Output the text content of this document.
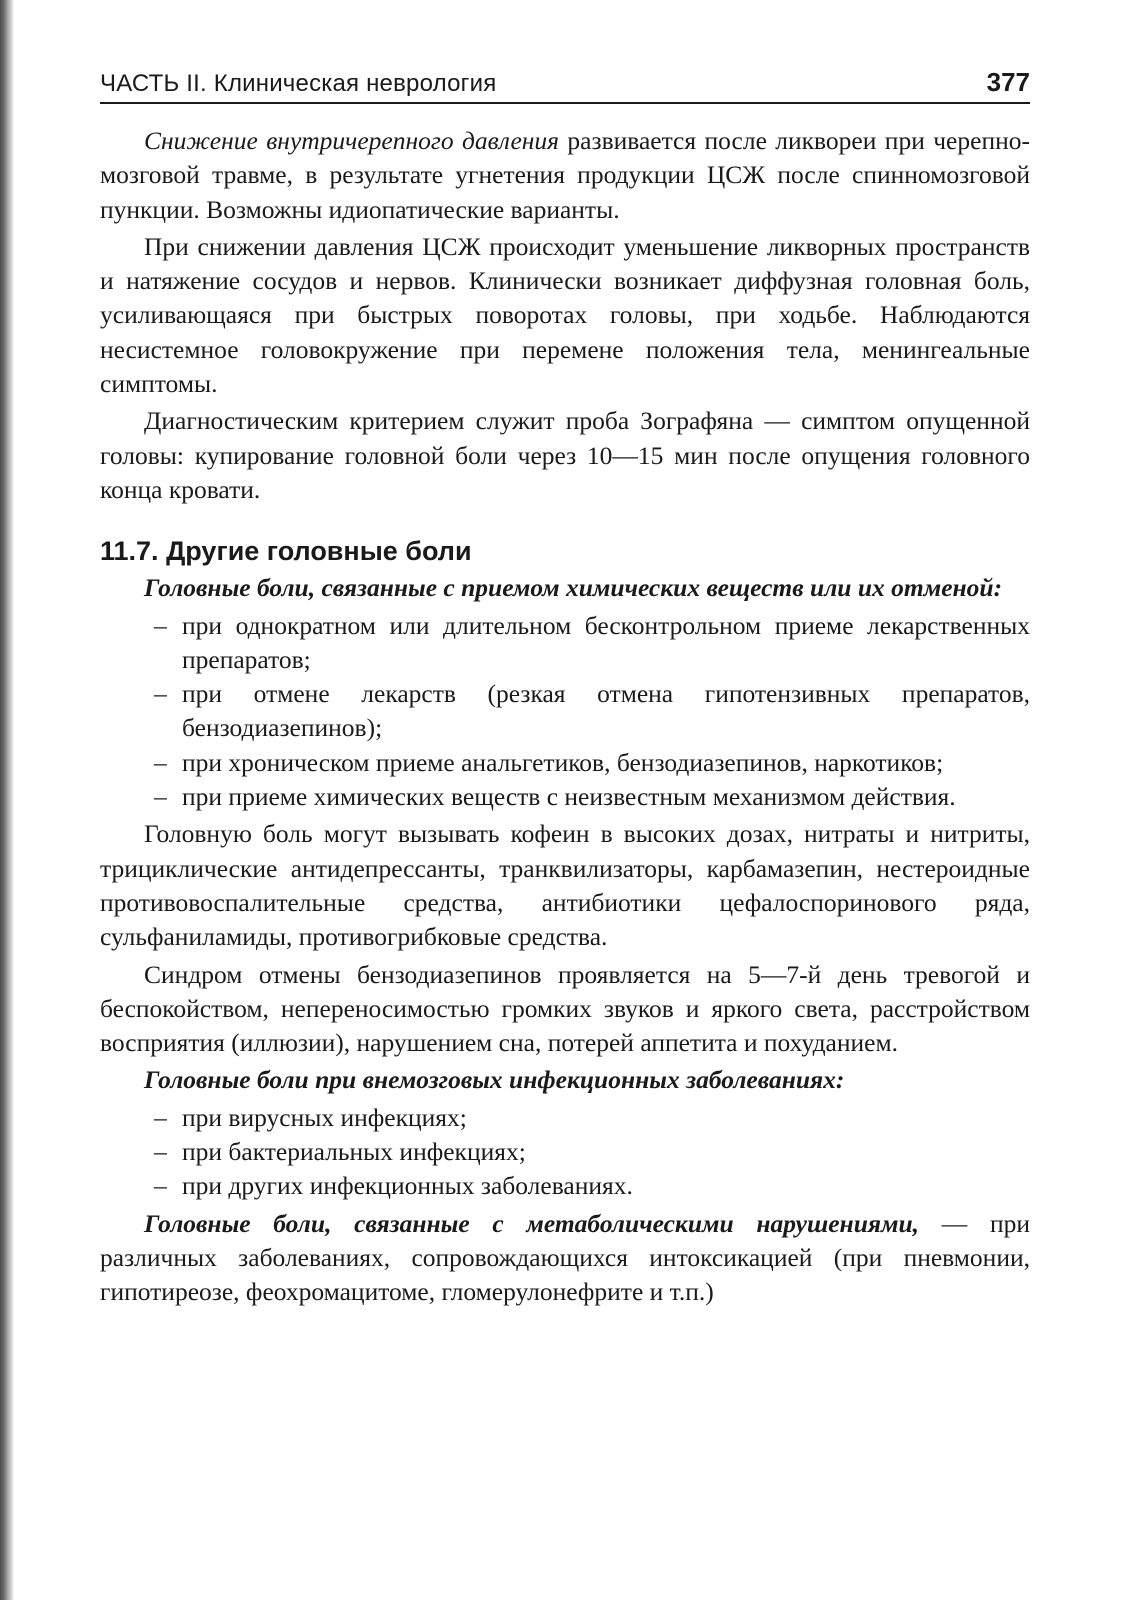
ЧАСТЬ II. Клиническая неврология	377

Снижение внутричерепного давления развивается после ликвореи при черепно-мозговой травме, в результате угнетения продукции ЦСЖ после спинномозговой пункции. Возможны идиопатические варианты.

При снижении давления ЦСЖ происходит уменьшение ликворных пространств и натяжение сосудов и нервов. Клинически возникает диффузная головная боль, усиливающаяся при быстрых поворотах головы, при ходьбе. Наблюдаются несистемное головокружение при перемене положения тела, менингеальные симптомы.

Диагностическим критерием служит проба Зографяна — симптом опущенной головы: купирование головной боли через 10—15 мин после опущения головного конца кровати.

11.7. Другие головные боли

Головные боли, связанные с приемом химических веществ или их отменой:

– при однократном или длительном бесконтрольном приеме лекарственных препаратов;
– при отмене лекарств (резкая отмена гипотензивных препаратов, бензодиазепинов);
– при хроническом приеме анальгетиков, бензодиазепинов, наркотиков;
– при приеме химических веществ с неизвестным механизмом действия.

Головную боль могут вызывать кофеин в высоких дозах, нитраты и нитриты, трициклические антидепрессанты, транквилизаторы, карбамазепин, нестероидные противовоспалительные средства, антибиотики цефалоспоринового ряда, сульфаниламиды, противогрибковые средства.

Синдром отмены бензодиазепинов проявляется на 5—7-й день тревогой и беспокойством, непереносимостью громких звуков и яркого света, расстройством восприятия (иллюзии), нарушением сна, потерей аппетита и похуданием.

Головные боли при внемозговых инфекционных заболеваниях:

– при вирусных инфекциях;
– при бактериальных инфекциях;
– при других инфекционных заболеваниях.

Головные боли, связанные с метаболическими нарушениями, — при различных заболеваниях, сопровождающихся интоксикацией (при пневмонии, гипотиреозе, феохромацитоме, гломерулонефрите и т.п.)
